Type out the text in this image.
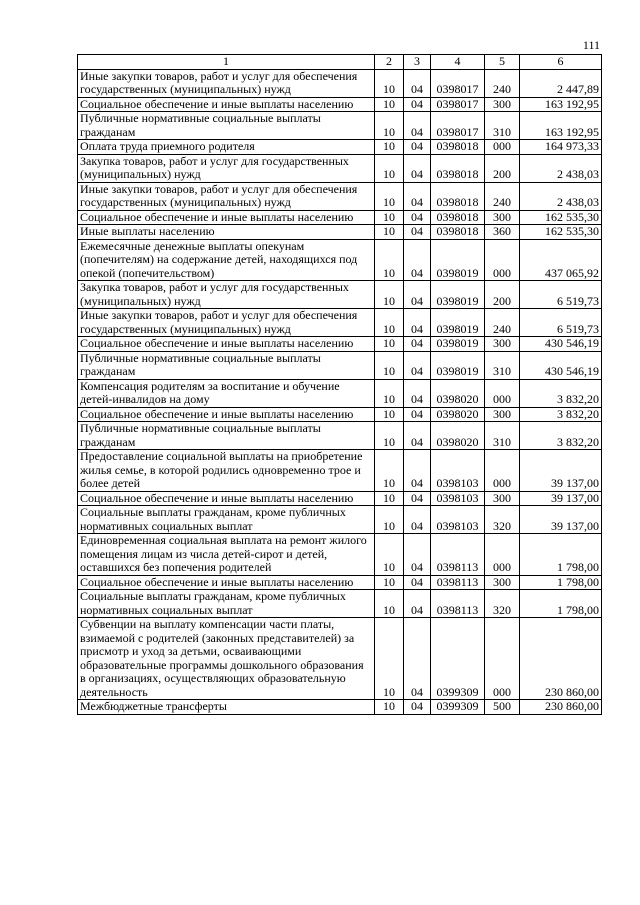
111
1	2	3	4	5	6
Иные закупки товаров, работ и услуг для обеспечения государственных (муниципальных) нужд	10	04	0398017	240	2 447,89
Социальное обеспечение и иные выплаты населению	10	04	0398017	300	163 192,95
Публичные нормативные социальные выплаты гражданам	10	04	0398017	310	163 192,95
Оплата труда приемного родителя	10	04	0398018	000	164 973,33
Закупка товаров, работ и услуг для государственных (муниципальных) нужд	10	04	0398018	200	2 438,03
Иные закупки товаров, работ и услуг для обеспечения государственных (муниципальных) нужд	10	04	0398018	240	2 438,03
Социальное обеспечение и иные выплаты населению	10	04	0398018	300	162 535,30
Иные выплаты населению	10	04	0398018	360	162 535,30
Ежемесячные денежные выплаты опекунам (попечителям) на содержание детей, находящихся под опекой (попечительством)	10	04	0398019	000	437 065,92
Закупка товаров, работ и услуг для государственных (муниципальных) нужд	10	04	0398019	200	6 519,73
Иные закупки товаров, работ и услуг для обеспечения государственных (муниципальных) нужд	10	04	0398019	240	6 519,73
Социальное обеспечение и иные выплаты населению	10	04	0398019	300	430 546,19
Публичные нормативные социальные выплаты гражданам	10	04	0398019	310	430 546,19
Компенсация родителям за воспитание и обучение детей-инвалидов на дому	10	04	0398020	000	3 832,20
Социальное обеспечение и иные выплаты населению	10	04	0398020	300	3 832,20
Публичные нормативные социальные выплаты гражданам	10	04	0398020	310	3 832,20
Предоставление социальной выплаты на приобретение жилья семье, в которой родились одновременно трое и более детей	10	04	0398103	000	39 137,00
Социальное обеспечение и иные выплаты населению	10	04	0398103	300	39 137,00
Социальные выплаты гражданам, кроме публичных нормативных социальных выплат	10	04	0398103	320	39 137,00
Единовременная социальная выплата на ремонт жилого помещения лицам из числа детей-сирот и детей, оставшихся без попечения родителей	10	04	0398113	000	1 798,00
Социальное обеспечение и иные выплаты населению	10	04	0398113	300	1 798,00
Социальные выплаты гражданам, кроме публичных нормативных социальных выплат	10	04	0398113	320	1 798,00
Субвенции на выплату компенсации части платы, взимаемой с родителей (законных представителей) за присмотр и уход за детьми, осваивающими образовательные программы дошкольного образования в организациях, осуществляющих образовательную деятельность	10	04	0399309	000	230 860,00
Межбюджетные трансферты	10	04	0399309	500	230 860,00
